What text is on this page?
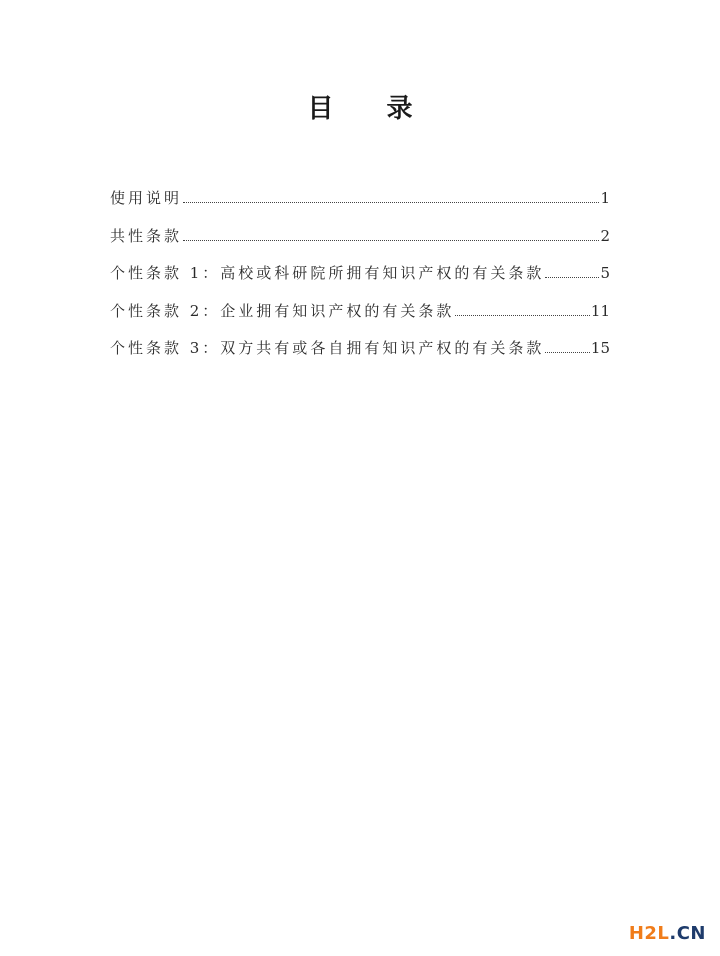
目 录
使用说明	1
共性条款	2
个性条款 1：高校或科研院所拥有知识产权的有关条款	5
个性条款 2：企业拥有知识产权的有关条款	11
个性条款 3：双方共有或各自拥有知识产权的有关条款	15
H2L.CN
